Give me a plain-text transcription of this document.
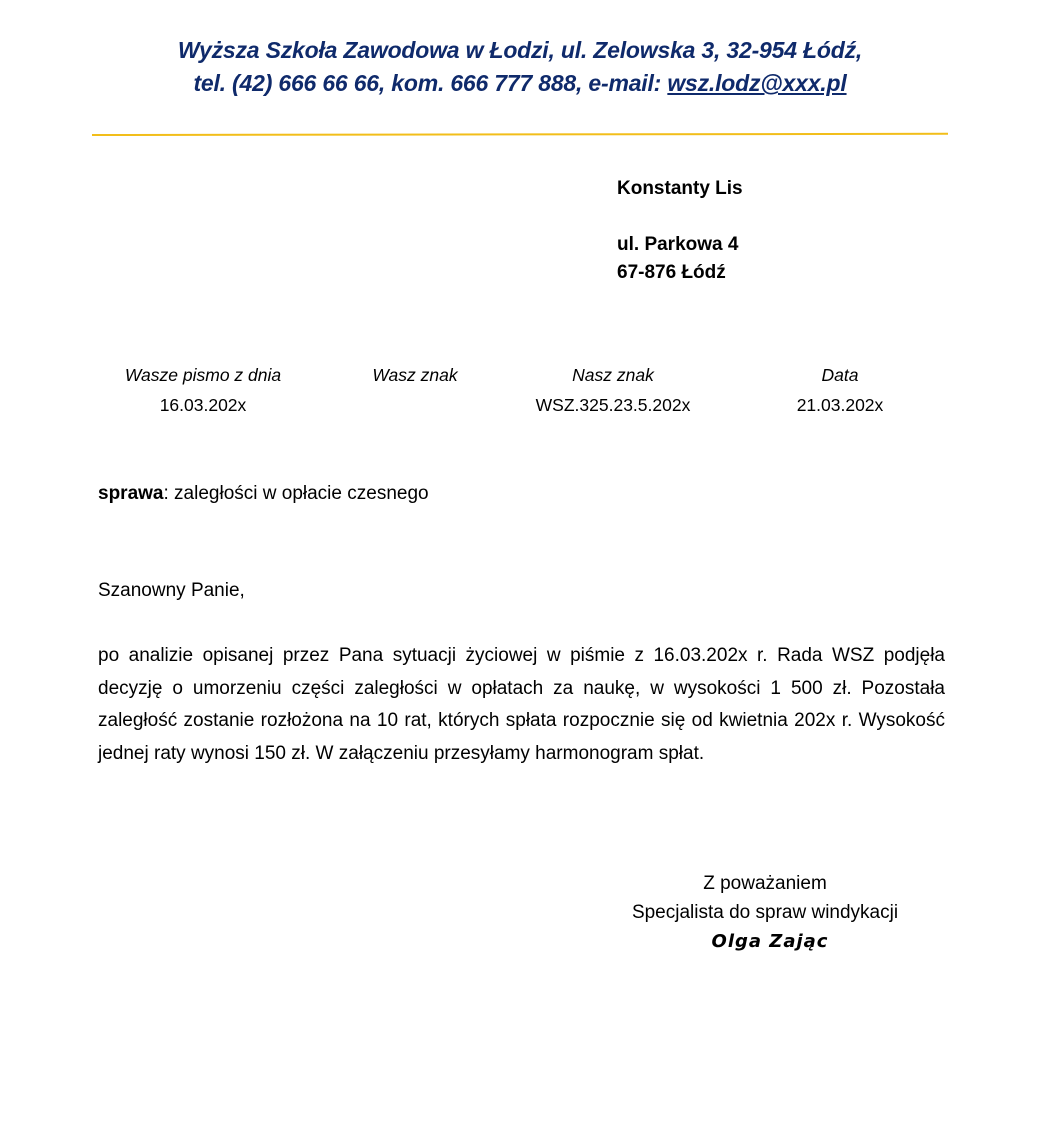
Wyższa Szkoła Zawodowa w Łodzi, ul. Zelowska 3, 32-954 Łódź,
tel. (42) 666 66 66, kom. 666 777 888, e-mail: wsz.lodz@xxx.pl
Konstanty Lis
ul. Parkowa 4
67-876 Łódź
Wasze pismo z dnia
16.03.202x
Wasz znak	Nasz znak
WSZ.325.23.5.202x
Data
21.03.202x
sprawa: zaległości w opłacie czesnego
Szanowny Panie,
po analizie opisanej przez Pana sytuacji życiowej w piśmie z 16.03.202x r. Rada WSZ podjęła decyzję o umorzeniu części zaległości w opłatach za naukę, w wysokości 1 500 zł. Pozostała zaległość zostanie rozłożona na 10 rat, których spłata rozpocznie się od kwietnia 202x r. Wysokość jednej raty wynosi 150 zł. W załączeniu przesyłamy harmonogram spłat.
Z poważaniem
Specjalista do spraw windykacji
Olga Zając
